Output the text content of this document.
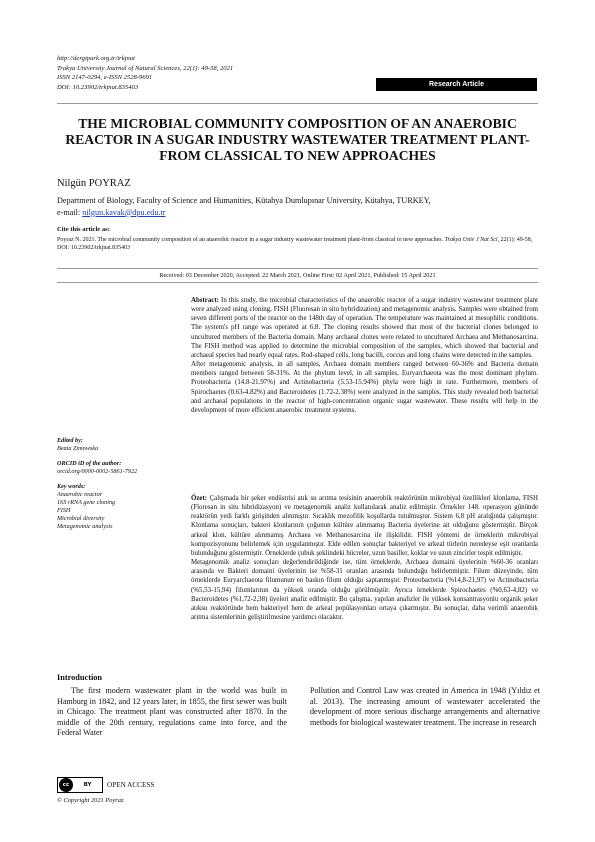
http://dergipark.org.tr/trkjnat
Trakya University Journal of Natural Sciences, 22(1): 49-58, 2021
ISSN 2147-0294, e-ISSN 2528-9691
DOI: 10.23902/trkjnat.835403	Research Article
THE MICROBIAL COMMUNITY COMPOSITION OF AN ANAEROBIC REACTOR IN A SUGAR INDUSTRY WASTEWATER TREATMENT PLANT-FROM CLASSICAL TO NEW APPROACHES
Nilgün POYRAZ
Department of Biology, Faculty of Science and Humanities, Kütahya Dumlupınar University, Kütahya, TURKEY,
e-mail: nilgun.kavak@dpu.edu.tr
Cite this article as:
Poyraz N. 2021. The microbial community composition of an anaerobic reactor in a sugar industry wastewater treatment plant-from classical to new approaches. Trakya Univ J Nat Sci, 22(1): 49-58, DOI: 10.23902/trkjnat.835403
Received: 03 December 2020, Accepted: 22 March 2021, Online First: 02 April 2021, Published: 15 April 2021

Abstract: In this study, the microbial characteristics of the anaerobic reactor of a sugar industry wastewater treatment plant were analyzed using cloning, FISH (Fluoresan in situ hybridization) and metagenomic analysis. Samples were obtained from seven different ports of the reactor on the 148th day of operation. The temperature was maintained at mesophilic conditions. The system's pH range was operated at 6.8. The cloning results showed that most of the bacterial clones belonged to uncultured members of the Bacteria domain. Many archaeal clones were related to uncultured Archaea and Methanosarcina. The FISH method was applied to determine the microbial composition of the samples, which showed that bacterial and archaeal species had nearly equal rates. Rod-shaped cells, long bacilli, coccus and long chains were detected in the samples.

After metagenomic analysis, in all samples, Archaea domain members ranged between 60-36% and Bacteria domain members ranged between 58-31%. At the phylum level, in all samples, Euryarchaeota was the most dominant phylum. Proteobacteria (14.8-21.97%) and Actinobacteria (5.53-15.94%) phyla were high in rate. Furthermore, members of Spirochaetes (0.63-4.82%) and Bacteroidetes (1.72-2.38%) were analyzed in the samples. This study revealed both bacterial and archaeal populations in the reactor of high-concentration organic sugar wastewater. These results will help in the development of more efficient anaerobic treatment systems.

Özet: Çalışmada bir şeker endüstrisi atık su arıtma tesisinin anaerobik reaktörünün mikrobiyal özellikleri klonlama, FISH (Floresan in situ hibridizasyon) ve metagenomik analiz kullanılarak analiz edilmiştir. Örnekler 148. operasyon gününde reaktörün yedi farklı girişinden alınmıştır. Sıcaklık mezofilik koşullarda tutulmuştur. Sistem 6,8 pH aralığında çalışmıştır. Klonlama sonuçları, bakteri klonlarının çoğunun kültüre alınmamış Bacteria üyelerine ait olduğunu göstermiştir. Birçok arkeal klon, kültüre alınmamış Archaea ve Methanosarcina ile ilişkilidir. FISH yöntemi de örneklerin mikrobiyal kompozisyonunu belirlemek için uygulanmıştır. Elde edilen sonuçlar bakteriyel ve arkeal türlerin neredeyse eşit oranlarda bulunduğunu göstermiştir. Örneklerde çubuk şeklindeki hücreler, uzun basiller, koklar ve uzun zincirler tespit edilmiştir.

Metagenomik analiz sonuçları değerlendirildiğinde ise, tüm örneklerde, Archaea domaini üyelerinin %60-36 oranları arasında ve Bakteri domaini üyelerinin ise %58-31 oranları arasında bulunduğu belirlenmiştir. Filum düzeyinde, tüm örneklerde Euryarchaeota filumunun en baskın filum olduğu saptanmıştır. Proteobacteria (%14,8-21,97) ve Actinobacteria (%5,53-15,94) filumlarının da yüksek oranda olduğu görülmüştür. Ayrıca örneklerde Spirochaetes (%0,63-4,82) ve Bacteroidetes (%1,72-2,38) üyeleri analiz edilmiştir. Bu çalışma, yapılan analizler ile yüksek konsantrasyonlu organik şeker atıksu reaktöründe hem bakteriyel hem de arkeal popülasyonları ortaya çıkarmıştır. Bu sonuçlar, daha verimli anaerobik arıtma sistemlerinin geliştirilmesine yardımcı olacaktır.

Edited by:
Beata Zimowska
ORCID iD of the author:
orcid.org/0000-0002-5861-7922
Key words:
Anaerobic reactor
16S rRNA gene cloning
FISH
Microbial diversity
Metagenomic analysis
Introduction
The first modern wastewater plant in the world was built in Hamburg in 1842, and 12 years later, in 1855, the first sewer was built in Chicago. The treatment plant was constructed after 1870. In the middle of the 20th century, regulations came into force, and the Federal Water
Pollution and Control Law was created in America in 1948 (Yıldız et al. 2013). The increasing amount of wastewater accelerated the development of more serious discharge arrangements and alternative methods for biological wastewater treatment. The increase in research
cc	BY	OPEN ACCESS
© Copyright 2021 Poyraz
